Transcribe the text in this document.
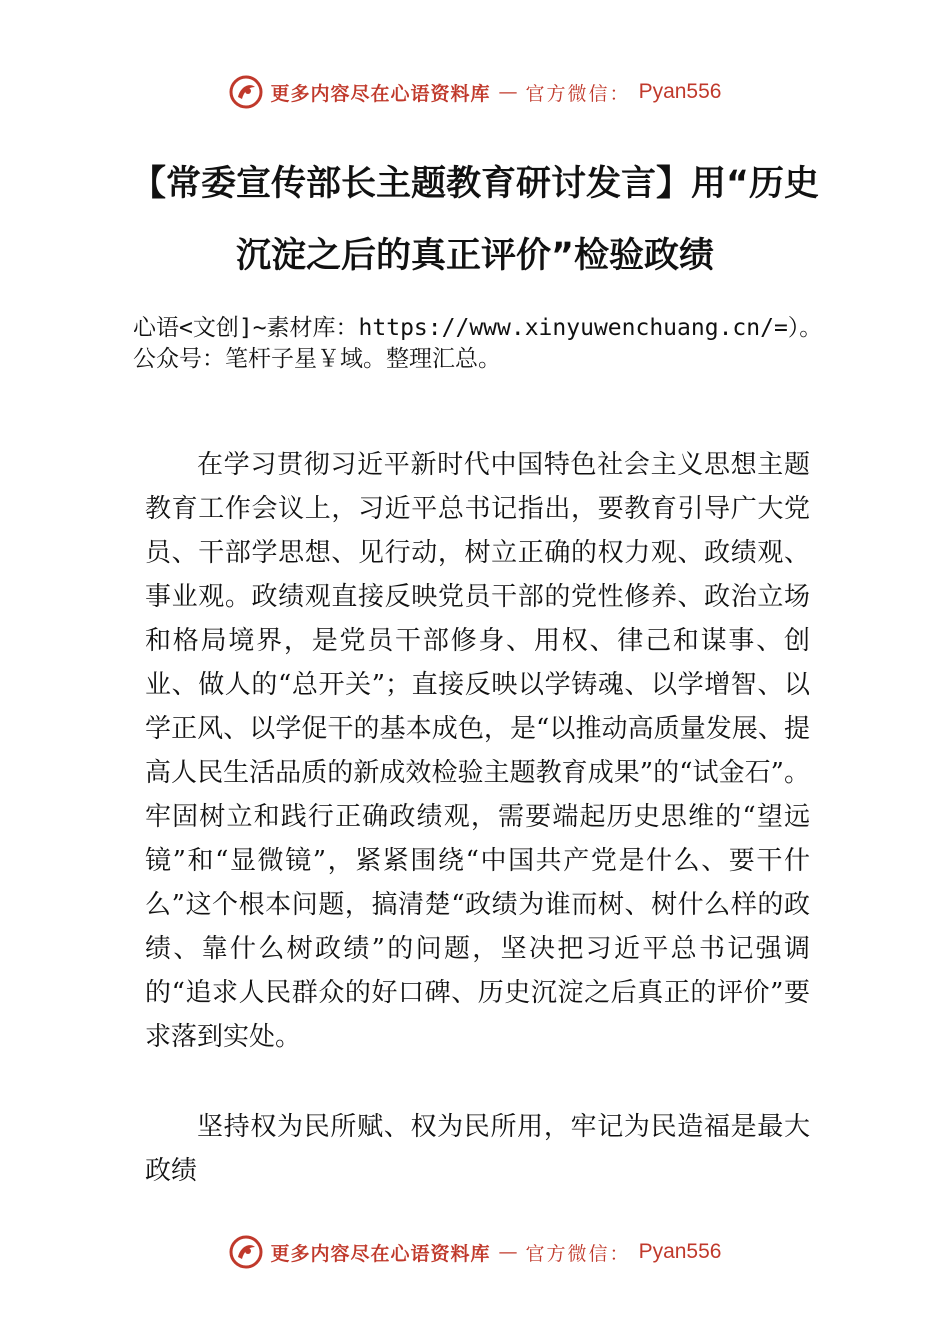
更多内容尽在心语资料库 — 官方微信： Pyan556
【常委宣传部长主题教育研讨发言】用“历史沉淀之后的真正评价”检验政绩

心语<文创]~素材库：https://www.xinyuwenchuang.cn/=）。公众号：笔杆子星￥域。整理汇总。

在学习贯彻习近平新时代中国特色社会主义思想主题教育工作会议上，习近平总书记指出，要教育引导广大党员、干部学思想、见行动，树立正确的权力观、政绩观、事业观。政绩观直接反映党员干部的党性修养、政治立场和格局境界，是党员干部修身、用权、律己和谋事、创业、做人的“总开关”；直接反映以学铸魂、以学增智、以学正风、以学促干的基本成色，是“以推动高质量发展、提高人民生活品质的新成效检验主题教育成果”的“试金石”。牢固树立和践行正确政绩观，需要端起历史思维的“望远镜”和“显微镜”，紧紧围绕“中国共产党是什么、要干什么”这个根本问题，搞清楚“政绩为谁而树、树什么样的政绩、靠什么树政绩”的问题，坚决把习近平总书记强调的“追求人民群众的好口碑、历史沉淀之后真正的评价”要求落到实处。

坚持权为民所赋、权为民所用，牢记为民造福是最大政绩

更多内容尽在心语资料库 — 官方微信： Pyan556
